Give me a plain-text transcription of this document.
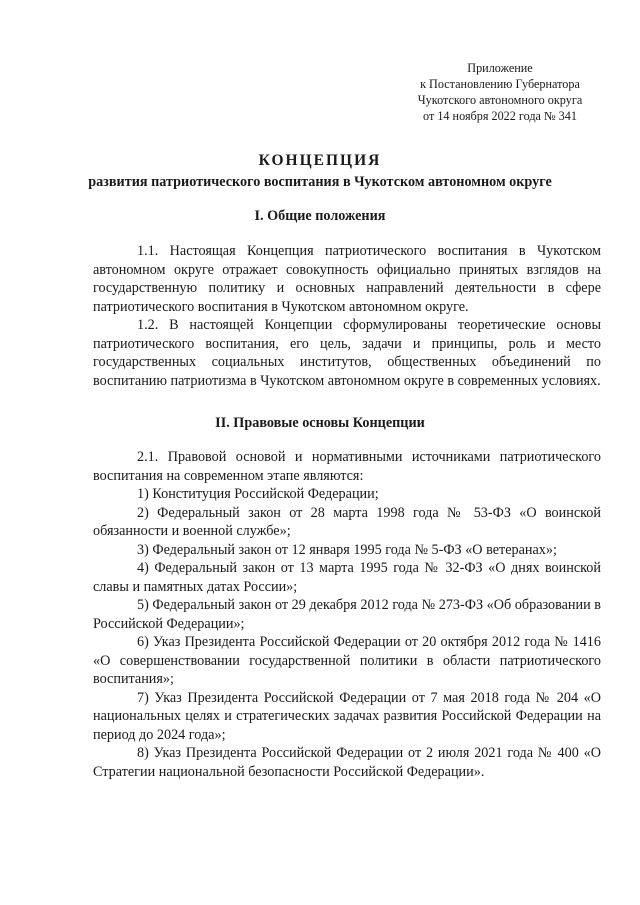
Приложение
к Постановлению Губернатора
Чукотского автономного округа
от 14 ноября 2022 года № 341
КОНЦЕПЦИЯ
развития патриотического воспитания в Чукотском автономном округе
I. Общие положения

1.1. Настоящая Концепция патриотического воспитания в Чукотском автономном округе отражает совокупность официально принятых взглядов на государственную политику и основных направлений деятельности в сфере патриотического воспитания в Чукотском автономном округе.

1.2. В настоящей Концепции сформулированы теоретические основы патриотического воспитания, его цель, задачи и принципы, роль и место государственных социальных институтов, общественных объединений по воспитанию патриотизма в Чукотском автономном округе в современных условиях.

II. Правовые основы Концепции

2.1. Правовой основой и нормативными источниками патриотического воспитания на современном этапе являются:

1) Конституция Российской Федерации;

2) Федеральный закон от 28 марта 1998 года № 53-ФЗ «О воинской обязанности и военной службе»;

3) Федеральный закон от 12 января 1995 года № 5-ФЗ «О ветеранах»;

4) Федеральный закон от 13 марта 1995 года № 32-ФЗ «О днях воинской славы и памятных датах России»;

5) Федеральный закон от 29 декабря 2012 года № 273-ФЗ «Об образовании в Российской Федерации»;

6) Указ Президента Российской Федерации от 20 октября 2012 года № 1416 «О совершенствовании государственной политики в области патриотического воспитания»;

7) Указ Президента Российской Федерации от 7 мая 2018 года № 204 «О национальных целях и стратегических задачах развития Российской Федерации на период до 2024 года»;

8) Указ Президента Российской Федерации от 2 июля 2021 года № 400 «О Стратегии национальной безопасности Российской Федерации».
